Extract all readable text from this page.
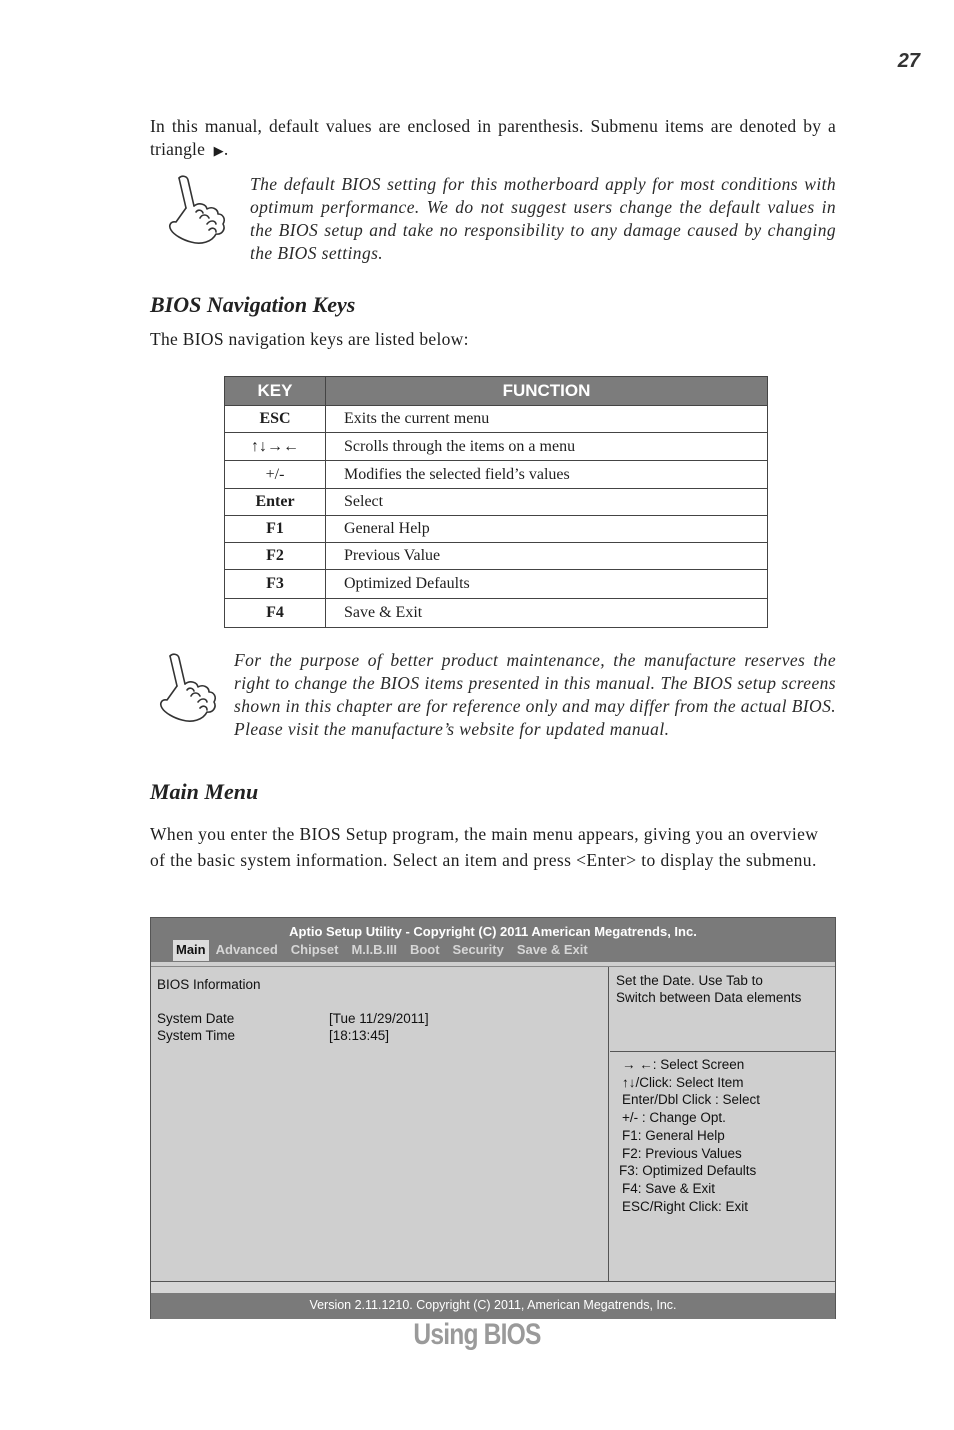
27

In this manual, default values are enclosed in parenthesis. Submenu items are denoted by a triangle ▶.

The default BIOS setting for this motherboard apply for most conditions with optimum performance. We do not suggest users change the default values in the BIOS setup and take no responsibility to any damage caused by changing the BIOS settings.

BIOS Navigation Keys

The BIOS navigation keys are listed below:

KEY	FUNCTION
ESC	Exits the current menu
↑↓→←	Scrolls through the items on a menu
+/-	Modifies the selected field’s values
Enter	Select
F1	General Help
F2	Previous Value
F3	Optimized Defaults
F4	Save & Exit

For the purpose of better product maintenance, the manufacture reserves the right to change the BIOS items presented in this manual. The BIOS setup screens shown in this chapter are for reference only and may differ from the actual BIOS. Please visit the manufacture’s website for updated manual.

Main Menu

When you enter the BIOS Setup program, the main menu appears, giving you an overview of the basic system information. Select an item and press <Enter> to display the submenu.

Aptio Setup Utility - Copyright (C) 2011 American Megatrends, Inc.
Main Advanced Chipset M.I.B.III Boot Security Save & Exit
BIOS Information
System Date	[Tue 11/29/2011]
System Time	[18:13:45]
Set the Date. Use Tab to
Switch between Data elements
→ ←: Select Screen
↑↓/Click: Select Item
Enter/Dbl Click : Select
+/- : Change Opt.
F1: General Help
F2: Previous Values
F3: Optimized Defaults
F4: Save & Exit
ESC/Right Click: Exit
Version 2.11.1210. Copyright (C) 2011, American Megatrends, Inc.
Using BIOS
